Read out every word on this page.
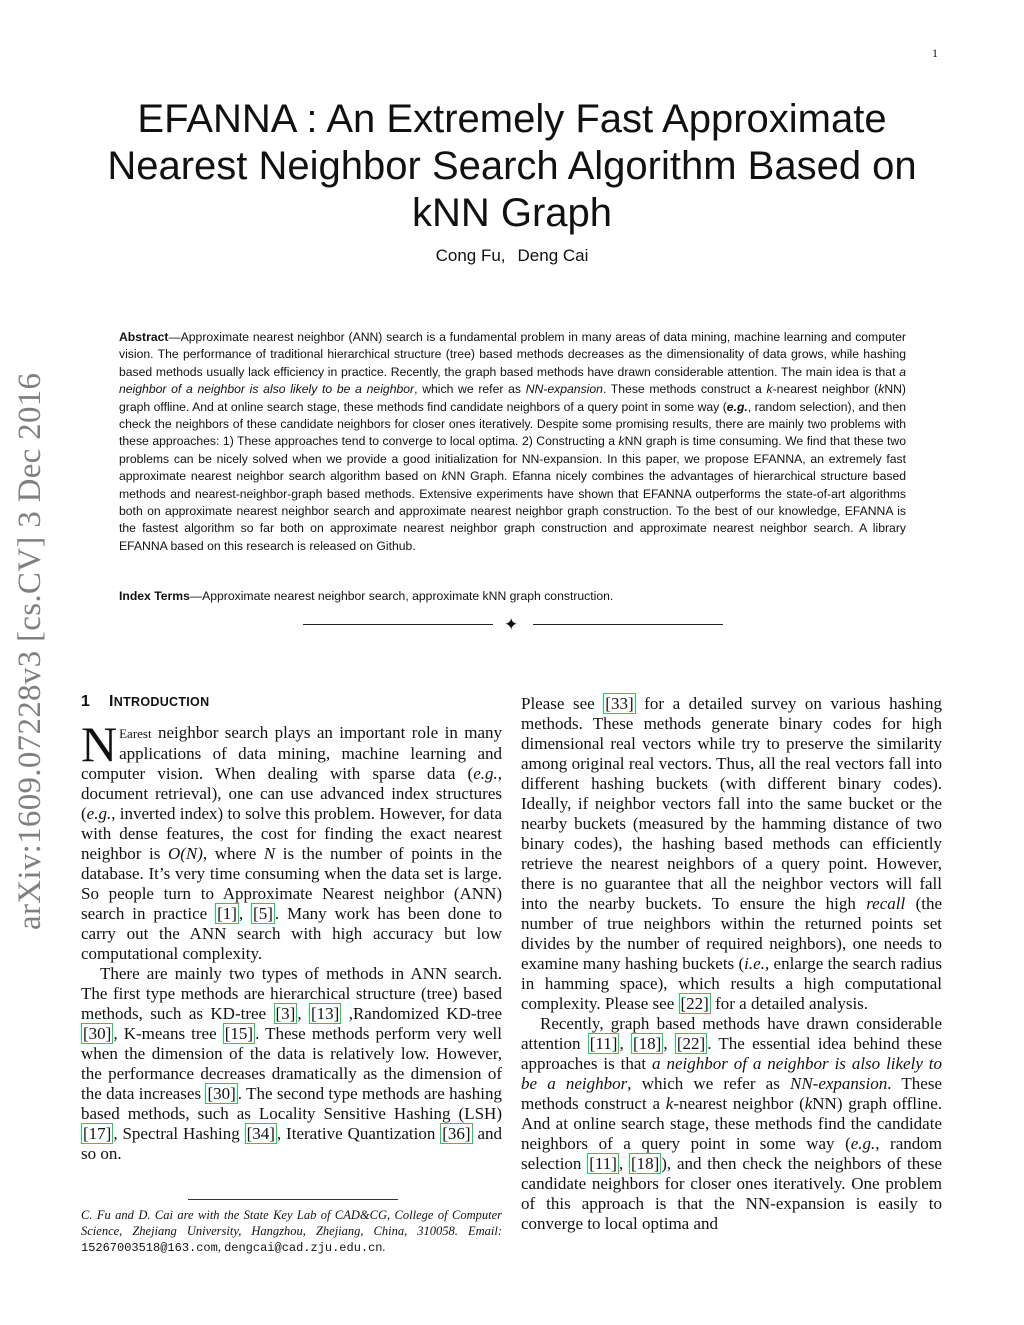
1
arXiv:1609.07228v3 [cs.CV] 3 Dec 2016
EFANNA : An Extremely Fast Approximate Nearest Neighbor Search Algorithm Based on kNN Graph
Cong Fu, Deng Cai
Abstract—Approximate nearest neighbor (ANN) search is a fundamental problem in many areas of data mining, machine learning and computer vision. The performance of traditional hierarchical structure (tree) based methods decreases as the dimensionality of data grows, while hashing based methods usually lack efficiency in practice. Recently, the graph based methods have drawn considerable attention. The main idea is that a neighbor of a neighbor is also likely to be a neighbor, which we refer as NN-expansion. These methods construct a k-nearest neighbor (kNN) graph offline. And at online search stage, these methods find candidate neighbors of a query point in some way (e.g., random selection), and then check the neighbors of these candidate neighbors for closer ones iteratively. Despite some promising results, there are mainly two problems with these approaches: 1) These approaches tend to converge to local optima. 2) Constructing a kNN graph is time consuming. We find that these two problems can be nicely solved when we provide a good initialization for NN-expansion. In this paper, we propose EFANNA, an extremely fast approximate nearest neighbor search algorithm based on kNN Graph. Efanna nicely combines the advantages of hierarchical structure based methods and nearest-neighbor-graph based methods. Extensive experiments have shown that EFANNA outperforms the state-of-art algorithms both on approximate nearest neighbor search and approximate nearest neighbor graph construction. To the best of our knowledge, EFANNA is the fastest algorithm so far both on approximate nearest neighbor graph construction and approximate nearest neighbor search. A library EFANNA based on this research is released on Github.
Index Terms—Approximate nearest neighbor search, approximate kNN graph construction.
✦
1 INTRODUCTION

N Earest neighbor search plays an important role in many applications of data mining, machine learning and computer vision. When dealing with sparse data (e.g., document retrieval), one can use advanced index structures (e.g., inverted index) to solve this problem. However, for data with dense features, the cost for finding the exact nearest neighbor is O(N), where N is the number of points in the database. It’s very time consuming when the data set is large. So people turn to Approximate Nearest neighbor (ANN) search in practice [1] , [5] . Many work has been done to carry out the ANN search with high accuracy but low computational complexity.

There are mainly two types of methods in ANN search. The first type methods are hierarchical structure (tree) based methods, such as KD-tree [3] , [13] ,Randomized KD-tree [30] , K-means tree [15] . These methods perform very well when the dimension of the data is relatively low. However, the performance decreases dramatically as the dimension of the data increases [30] . The second type methods are hashing based methods, such as Locality Sensitive Hashing (LSH) [17] , Spectral Hashing [34] , Iterative Quantization [36] and so on.

Please see [33] for a detailed survey on various hashing methods. These methods generate binary codes for high dimensional real vectors while try to preserve the similarity among original real vectors. Thus, all the real vectors fall into different hashing buckets (with different binary codes). Ideally, if neighbor vectors fall into the same bucket or the nearby buckets (measured by the hamming distance of two binary codes), the hashing based methods can efficiently retrieve the nearest neighbors of a query point. However, there is no guarantee that all the neighbor vectors will fall into the nearby buckets. To ensure the high recall (the number of true neighbors within the returned points set divides by the number of required neighbors), one needs to examine many hashing buckets (i.e., enlarge the search radius in hamming space), which results a high computational complexity. Please see [22] for a detailed analysis.

Recently, graph based methods have drawn considerable attention [11] , [18] , [22] . The essential idea behind these approaches is that a neighbor of a neighbor is also likely to be a neighbor, which we refer as NN-expansion. These methods construct a k-nearest neighbor (kNN) graph offline. And at online search stage, these methods find the candidate neighbors of a query point in some way (e.g., random selection [11] , [18] ), and then check the neighbors of these candidate neighbors for closer ones iteratively. One problem of this approach is that the NN-expansion is easily to converge to local optima and

C. Fu and D. Cai are with the State Key Lab of CAD&CG, College of Computer Science, Zhejiang University, Hangzhou, Zhejiang, China, 310058. Email: 15267003518@163.com, dengcai@cad.zju.edu.cn.
